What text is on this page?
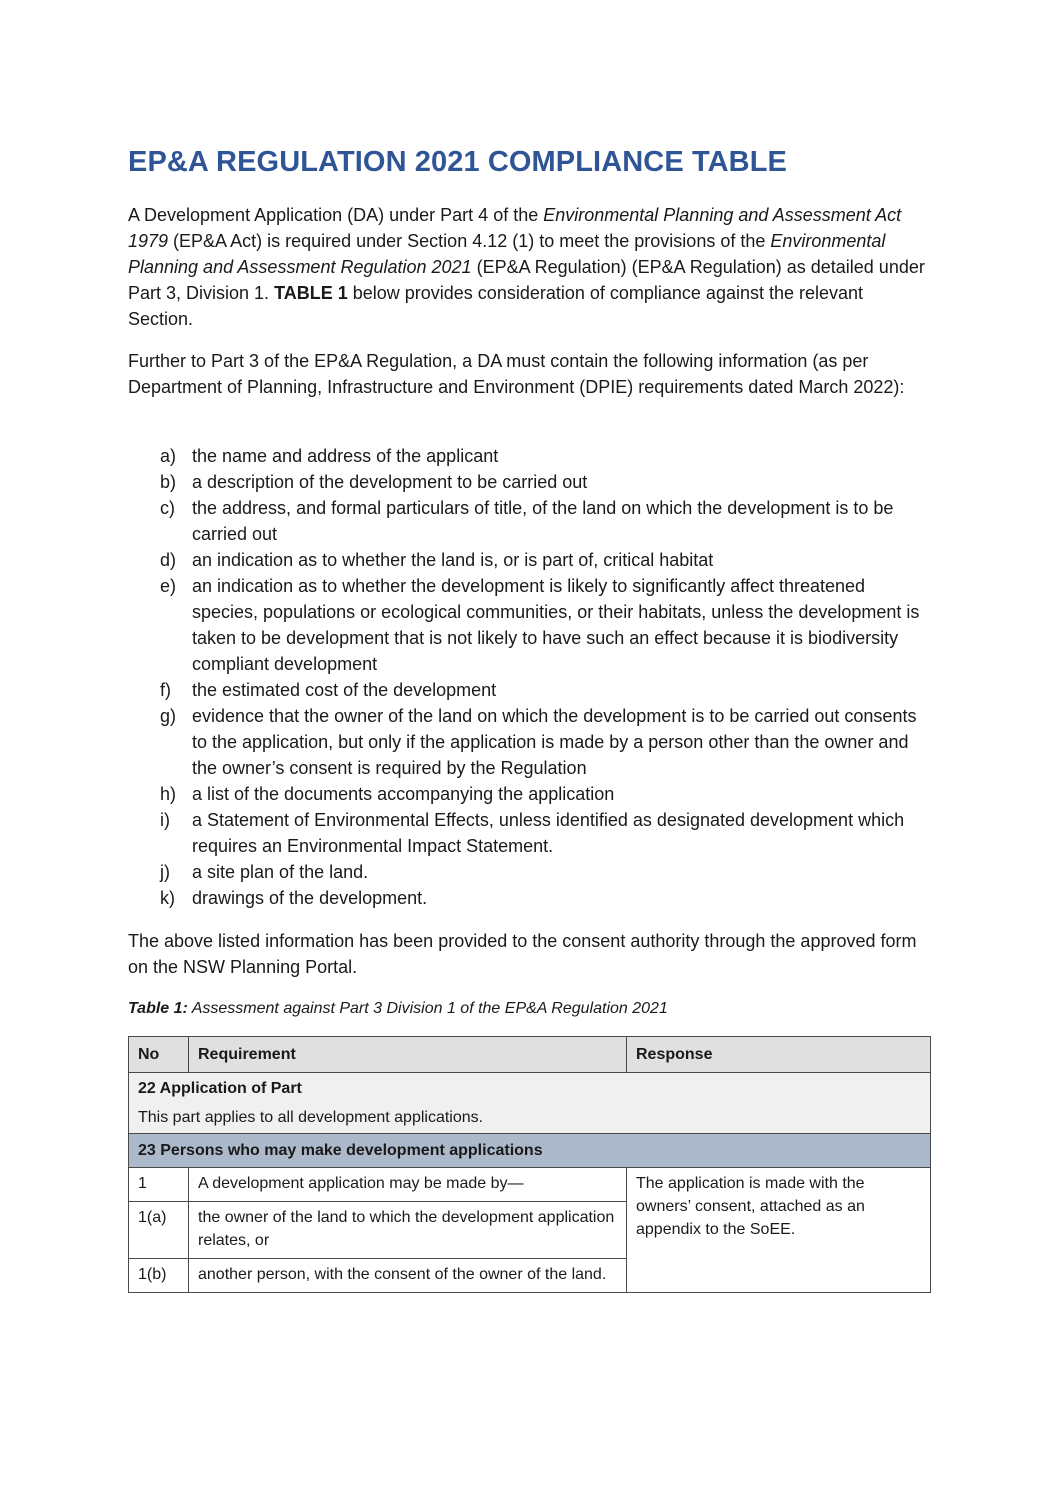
EP&A REGULATION 2021 COMPLIANCE TABLE

A Development Application (DA) under Part 4 of the Environmental Planning and Assessment Act 1979 (EP&A Act) is required under Section 4.12 (1) to meet the provisions of the Environmental Planning and Assessment Regulation 2021 (EP&A Regulation) (EP&A Regulation) as detailed under Part 3, Division 1. TABLE 1 below provides consideration of compliance against the relevant Section.

Further to Part 3 of the EP&A Regulation, a DA must contain the following information (as per Department of Planning, Infrastructure and Environment (DPIE) requirements dated March 2022):

a) the name and address of the applicant
b) a description of the development to be carried out
c) the address, and formal particulars of title, of the land on which the development is to be carried out
d) an indication as to whether the land is, or is part of, critical habitat
e) an indication as to whether the development is likely to significantly affect threatened species, populations or ecological communities, or their habitats, unless the development is taken to be development that is not likely to have such an effect because it is biodiversity compliant development
f) the estimated cost of the development
g) evidence that the owner of the land on which the development is to be carried out consents to the application, but only if the application is made by a person other than the owner and the owner’s consent is required by the Regulation
h) a list of the documents accompanying the application
i) a Statement of Environmental Effects, unless identified as designated development which requires an Environmental Impact Statement.
j) a site plan of the land.
k) drawings of the development.

The above listed information has been provided to the consent authority through the approved form on the NSW Planning Portal.

Table 1: Assessment against Part 3 Division 1 of the EP&A Regulation 2021

No	Requirement	Response

22 Application of Part
This part applies to all development applications.		
23 Persons who may make development applications		
1	A development application may be made by—	The application is made with the owners’ consent, attached as an appendix to the SoEE.
1(a)	the owner of the land to which the development application relates, or	
1(b)	another person, with the consent of the owner of the land.	
